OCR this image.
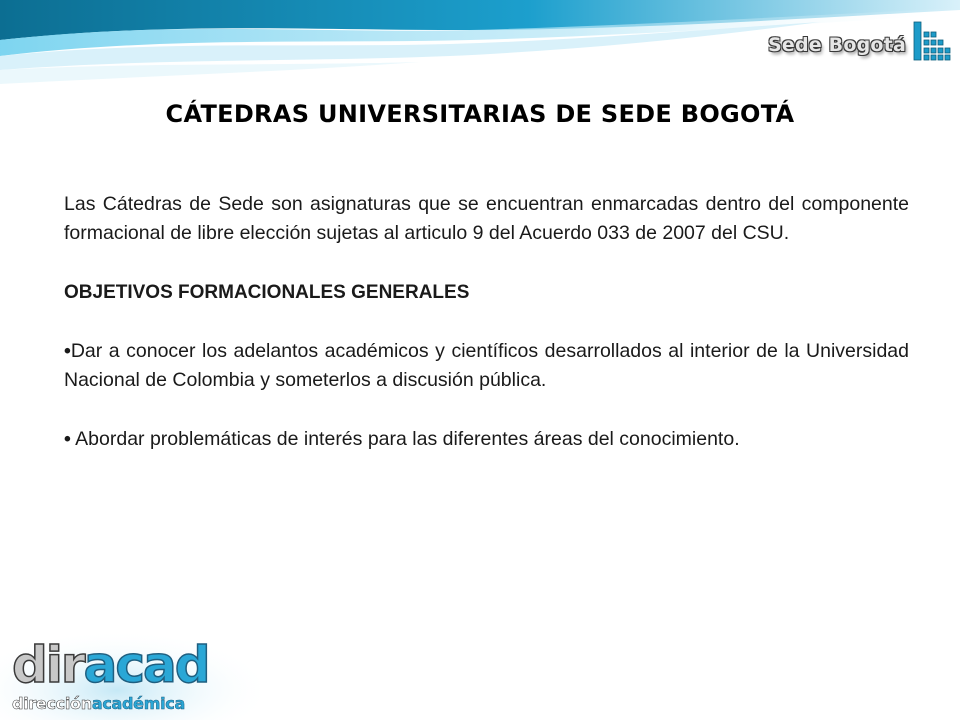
Sede Bogotá
CÁTEDRAS UNIVERSITARIAS DE SEDE BOGOTÁ

Las Cátedras de Sede son asignaturas que se encuentran enmarcadas dentro del componente formacional de libre elección sujetas al articulo 9 del Acuerdo 033 de 2007 del CSU.

OBJETIVOS FORMACIONALES GENERALES

•Dar a conocer los adelantos académicos y científicos desarrollados al interior de la Universidad Nacional de Colombia y someterlos a discusión pública.

• Abordar problemáticas de interés para las diferentes áreas del conocimiento.

diracad
direcciónacadémica
